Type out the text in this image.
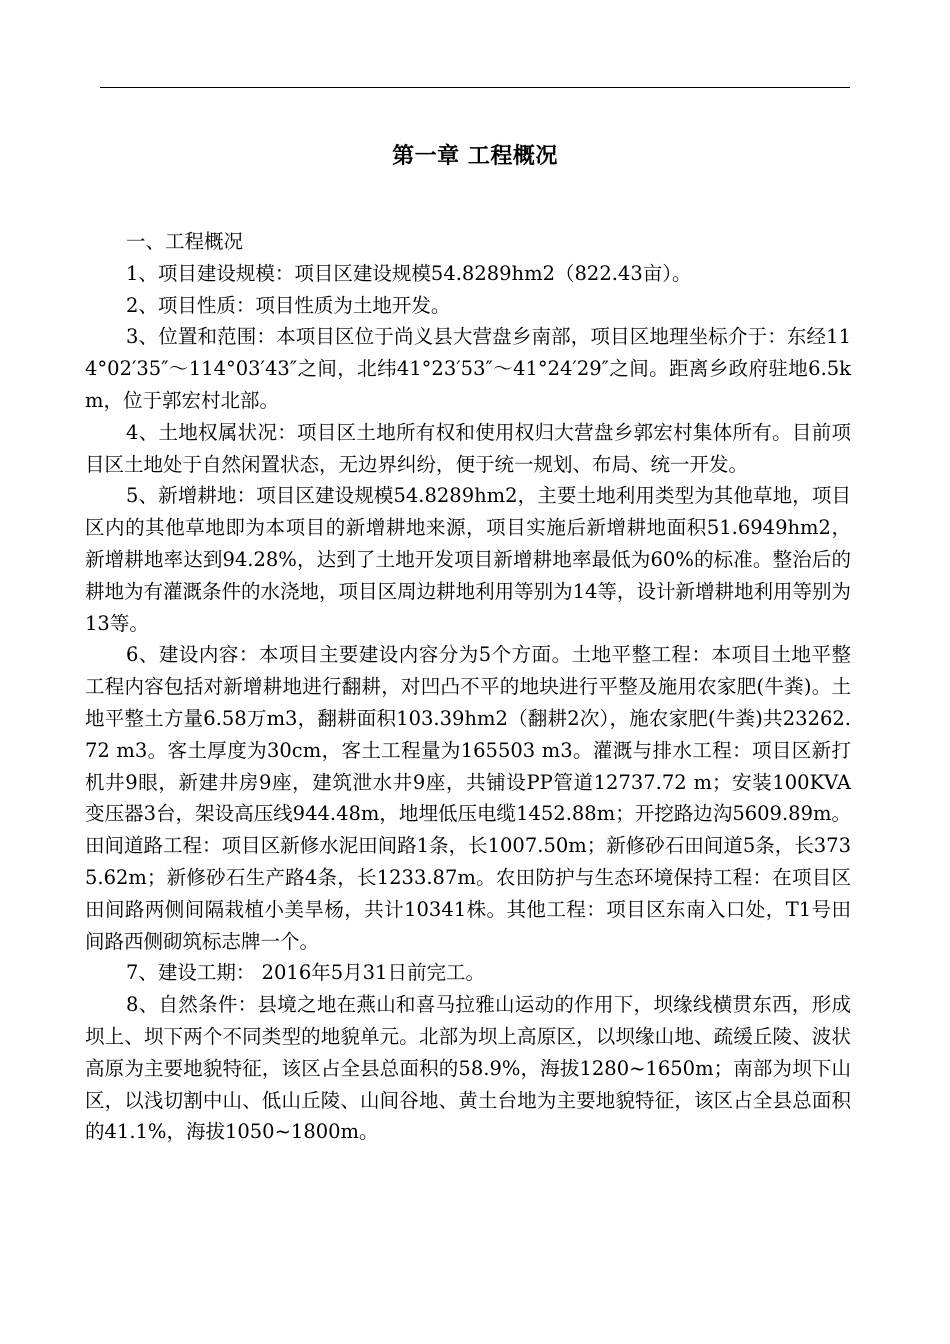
第一章 工程概况

一、工程概况

1、项目建设规模：项目区建设规模54.8289hm2（822.43亩）。

2、项目性质：项目性质为土地开发。

3、位置和范围：本项目区位于尚义县大营盘乡南部，项目区地理坐标介于：东经114°02′35″～114°03′43″之间，北纬41°23′53″～41°24′29″之间。距离乡政府驻地6.5km，位于郭宏村北部。

4、土地权属状况：项目区土地所有权和使用权归大营盘乡郭宏村集体所有。目前项目区土地处于自然闲置状态，无边界纠纷，便于统一规划、布局、统一开发。

5、新增耕地：项目区建设规模54.8289hm2，主要土地利用类型为其他草地，项目区内的其他草地即为本项目的新增耕地来源，项目实施后新增耕地面积51.6949hm2，新增耕地率达到94.28%，达到了土地开发项目新增耕地率最低为60%的标准。整治后的耕地为有灌溉条件的水浇地，项目区周边耕地利用等别为14等，设计新增耕地利用等别为13等。

6、建设内容：本项目主要建设内容分为5个方面。土地平整工程：本项目土地平整工程内容包括对新增耕地进行翻耕，对凹凸不平的地块进行平整及施用农家肥(牛粪)。土地平整土方量6.58万m3，翻耕面积103.39hm2（翻耕2次），施农家肥(牛粪)共23262.72 m3。客土厚度为30cm，客土工程量为165503 m3。灌溉与排水工程：项目区新打机井9眼，新建井房9座，建筑泄水井9座，共铺设PP管道12737.72 m；安装100KVA变压器3台，架设高压线944.48m，地埋低压电缆1452.88m；开挖路边沟5609.89m。田间道路工程：项目区新修水泥田间路1条，长1007.50m；新修砂石田间道5条，长3735.62m；新修砂石生产路4条，长1233.87m。农田防护与生态环境保持工程：在项目区田间路两侧间隔栽植小美旱杨，共计10341株。其他工程：项目区东南入口处，T1号田间路西侧砌筑标志牌一个。

7、建设工期： 2016年5月31日前完工。

8、自然条件：县境之地在燕山和喜马拉雅山运动的作用下，坝缘线横贯东西，形成坝上、坝下两个不同类型的地貌单元。北部为坝上高原区，以坝缘山地、疏缓丘陵、波状高原为主要地貌特征，该区占全县总面积的58.9%，海拔1280~1650m；南部为坝下山区，以浅切割中山、低山丘陵、山间谷地、黄土台地为主要地貌特征，该区占全县总面积的41.1%，海拔1050~1800m。
